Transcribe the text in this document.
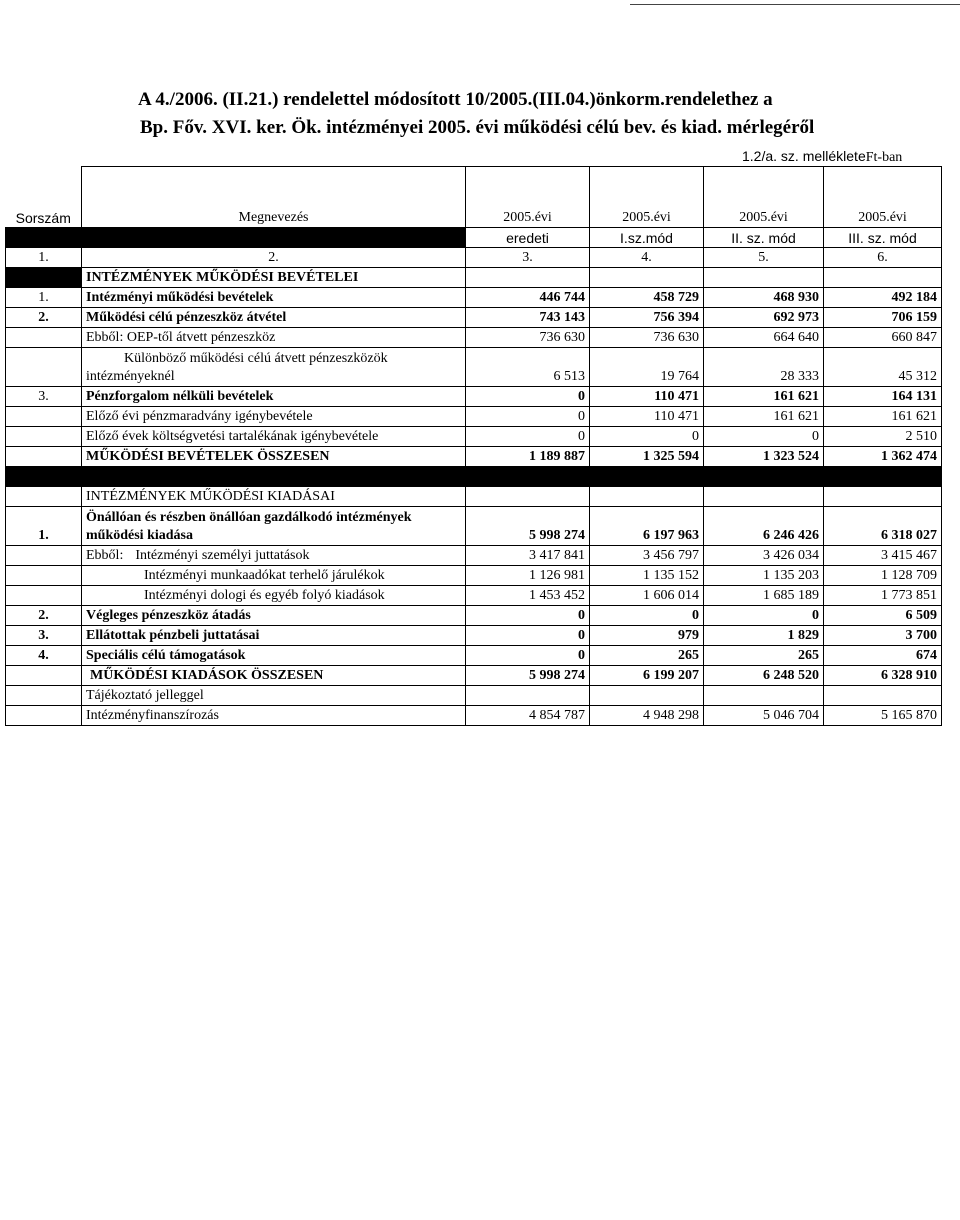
A 4./2006. (II.21.) rendelettel módosított 10/2005.(III.04.)önkorm.rendelethez a
Bp. Főv. XVI. ker. Ök. intézményei 2005. évi működési célú bev. és kiad. mérlegéről
1.2/a. sz. mellékleteFt-ban
Sorszám	Megnevezés	2005.évi	2005.évi	2005.évi	2005.évi
		eredeti	I.sz.mód	II. sz. mód	III. sz. mód
1.	2.	3.	4.	5.	6.
	INTÉZMÉNYEK MŰKÖDÉSI BEVÉTELEI				
1.	Intézményi működési bevételek	446 744	458 729	468 930	492 184
2.	Működési célú pénzeszköz átvétel	743 143	756 394	692 973	706 159
	Ebből: OEP-től átvett pénzeszköz	736 630	736 630	664 640	660 847

	Különböző működési célú átvett pénzeszközök
intézményeknél	6 513	19 764	28 333	45 312
3.	Pénzforgalom nélküli bevételek	0	110 471	161 621	164 131
	Előző évi pénzmaradvány igénybevétele	0	110 471	161 621	161 621
	Előző évek költségvetési tartalékának igénybevétele	0	0	0	2 510
	MŰKÖDÉSI BEVÉTELEK ÖSSZESEN	1 189 887	1 325 594	1 323 524	1 362 474

	INTÉZMÉNYEK MŰKÖDÉSI KIADÁSAI				
1.	Önállóan és részben önállóan gazdálkodó intézmények
működési kiadása	5 998 274	6 197 963	6 246 426	6 318 027
	Ebből: Intézményi személyi juttatások	3 417 841	3 456 797	3 426 034	3 415 467
	Intézményi munkaadókat terhelő járulékok	1 126 981	1 135 152	1 135 203	1 128 709
	Intézményi dologi és egyéb folyó kiadások	1 453 452	1 606 014	1 685 189	1 773 851
2.	Végleges pénzeszköz átadás	0	0	0	6 509
3.	Ellátottak pénzbeli juttatásai	0	979	1 829	3 700
4.	Speciális célú támogatások	0	265	265	674
	MŰKÖDÉSI KIADÁSOK ÖSSZESEN	5 998 274	6 199 207	6 248 520	6 328 910
	Tájékoztató jelleggel				
	Intézményfinanszírozás	4 854 787	4 948 298	5 046 704	5 165 870
